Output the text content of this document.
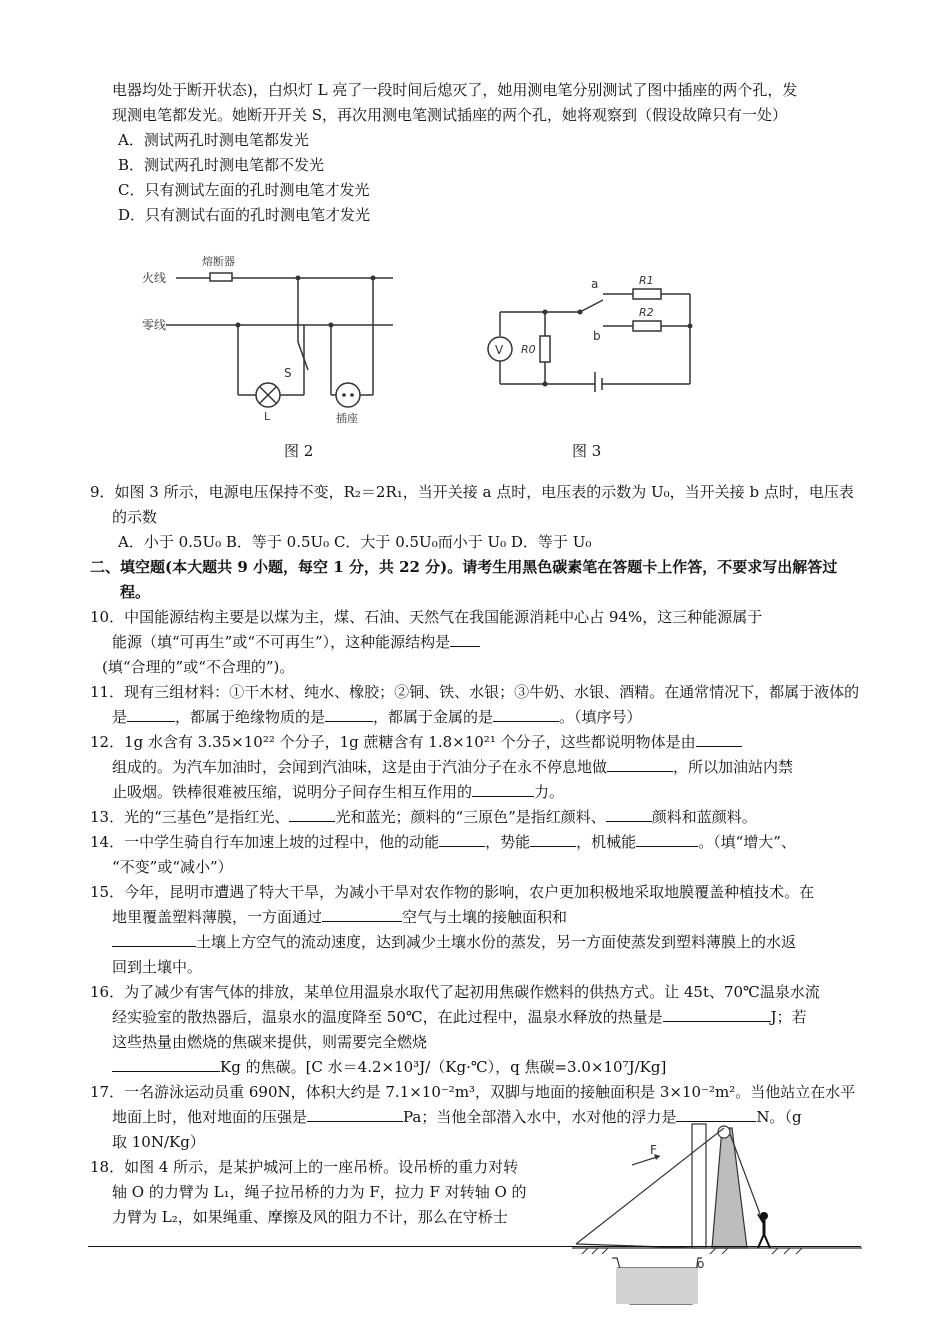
电器均处于断开状态)，白炽灯 L 亮了一段时间后熄灭了，她用测电笔分别测试了图中插座的两个孔，发
现测电笔都发光。她断开开关 S，再次用测电笔测试插座的两个孔，她将观察到（假设故障只有一处）
A．测试两孔时测电笔都发光
B．测试两孔时测电笔都不发光
C．只有测试左面的孔时测电笔才发光
D．只有测试右面的孔时测电笔才发光
火线
零线
熔断器
S
L	插座
图 2
V R0
a
b
R1
R2
图 3
9．如图 3 所示，电源电压保持不变，R₂＝2R₁，当开关接 a 点时，电压表的示数为 U₀，当开关接 b 点时，电压表
的示数
A．小于 0.5U₀ B．等于 0.5U₀ C．大于 0.5U₀而小于 U₀ D．等于 U₀
二、填空题(本大题共 9 小题，每空 1 分，共 22 分)。请考生用黑色碳素笔在答题卡上作答，不要求写出解答过
程。
10．中国能源结构主要是以煤为主，煤、石油、天然气在我国能源消耗中心占 94%，这三种能源属于
能源（填“可再生”或“不可再生”），这种能源结构是
(填“合理的”或“不合理的”)。
11．现有三组材料：①干木材、纯水、橡胶；②铜、铁、水银；③牛奶、水银、酒精。在通常情况下，都属于液体的
是	，都属于绝缘物质的是	，都属于金属的是	。（填序号）
12．1g 水含有 3.35×10²² 个分子，1g 蔗糖含有 1.8×10²¹ 个分子，这些都说明物体是由
组成的。为汽车加油时，会闻到汽油味，这是由于汽油分子在永不停息地做	，所以加油站内禁
止吸烟。铁棒很难被压缩，说明分子间存生相互作用的	力。
13．光的“三基色”是指红光、	光和蓝光；颜料的“三原色”是指红颜料、	颜料和蓝颜料。
14．一中学生骑自行车加速上坡的过程中，他的动能	，势能	，机械能	。（填“增大”、
“不变”或“减小”）
15．今年，昆明市遭遇了特大干旱，为减小干旱对农作物的影响，农户更加积极地采取地膜覆盖种植技术。在
地里覆盖塑料薄膜，一方面通过	空气与土壤的接触面积和
土壤上方空气的流动速度，达到减少土壤水份的蒸发，另一方面使蒸发到塑料薄膜上的水返
回到土壤中。
16．为了减少有害气体的排放，某单位用温泉水取代了起初用焦碳作燃料的供热方式。让 45t、70℃温泉水流
经实验室的散热器后，温泉水的温度降至 50℃，在此过程中，温泉水释放的热量是	J；若
这些热量由燃烧的焦碳来提供，则需要完全燃烧
Kg 的焦碳。[C 水＝4.2×10³J/（Kg·℃），q 焦碳=3.0×10⁷J/Kg]
17．一名游泳运动员重 690N，体积大约是 7.1×10⁻²m³，双脚与地面的接触面积是 3×10⁻²m²。当他站立在水平
地面上时，他对地面的压强是	Pa；当他全部潜入水中，水对他的浮力是	N。（g
取 10N/Kg）
18．如图 4 所示，是某护城河上的一座吊桥。设吊桥的重力对转
轴 O 的力臂为 L₁，绳子拉吊桥的力为 F，拉力 F 对转轴 O 的
力臂为 L₂，如果绳重、摩擦及风的阻力不计，那么在守桥士
F
o
